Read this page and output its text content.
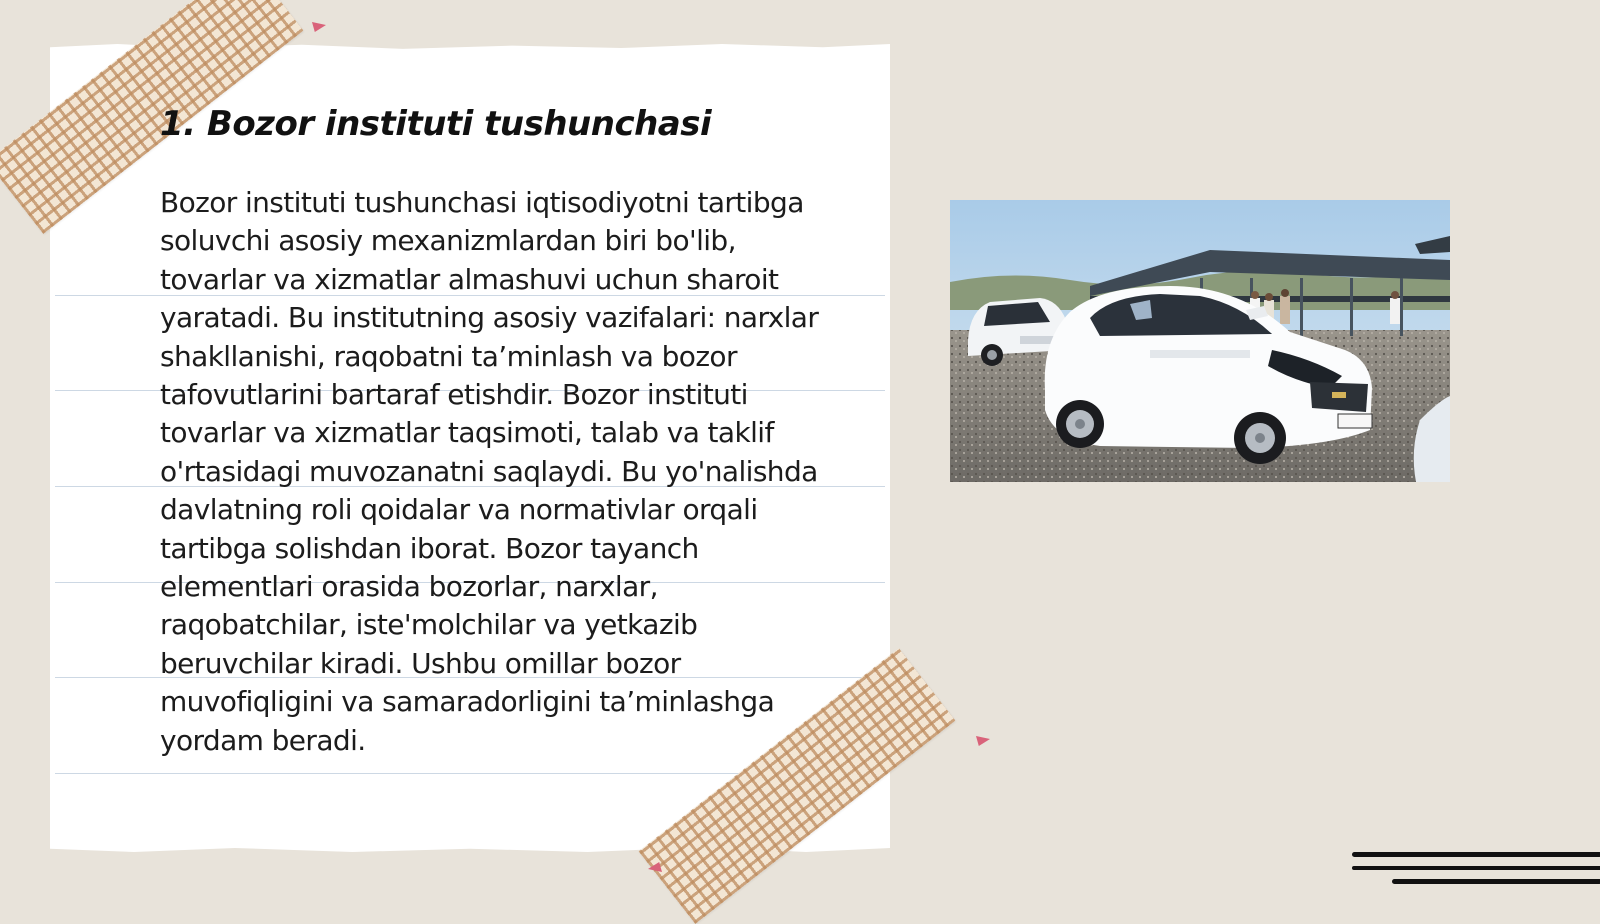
1. Bozor instituti tushunchasi

Bozor instituti tushunchasi iqtisodiyotni tartibga soluvchi asosiy mexanizmlardan biri bo'lib, tovarlar va xizmatlar almashuvi uchun sharoit yaratadi. Bu institutning asosiy vazifalari: narxlar shakllanishi, raqobatni ta’minlash va bozor tafovutlarini bartaraf etishdir. Bozor instituti tovarlar va xizmatlar taqsimoti, talab va taklif o'rtasidagi muvozanatni saqlaydi. Bu yo'nalishda davlatning roli qoidalar va normativlar orqali tartibga solishdan iborat. Bozor tayanch elementlari orasida bozorlar, narxlar, raqobatchilar, iste'molchilar va yetkazib beruvchilar kiradi. Ushbu omillar bozor muvofiqligini va samaradorligini ta’minlashga yordam beradi.
